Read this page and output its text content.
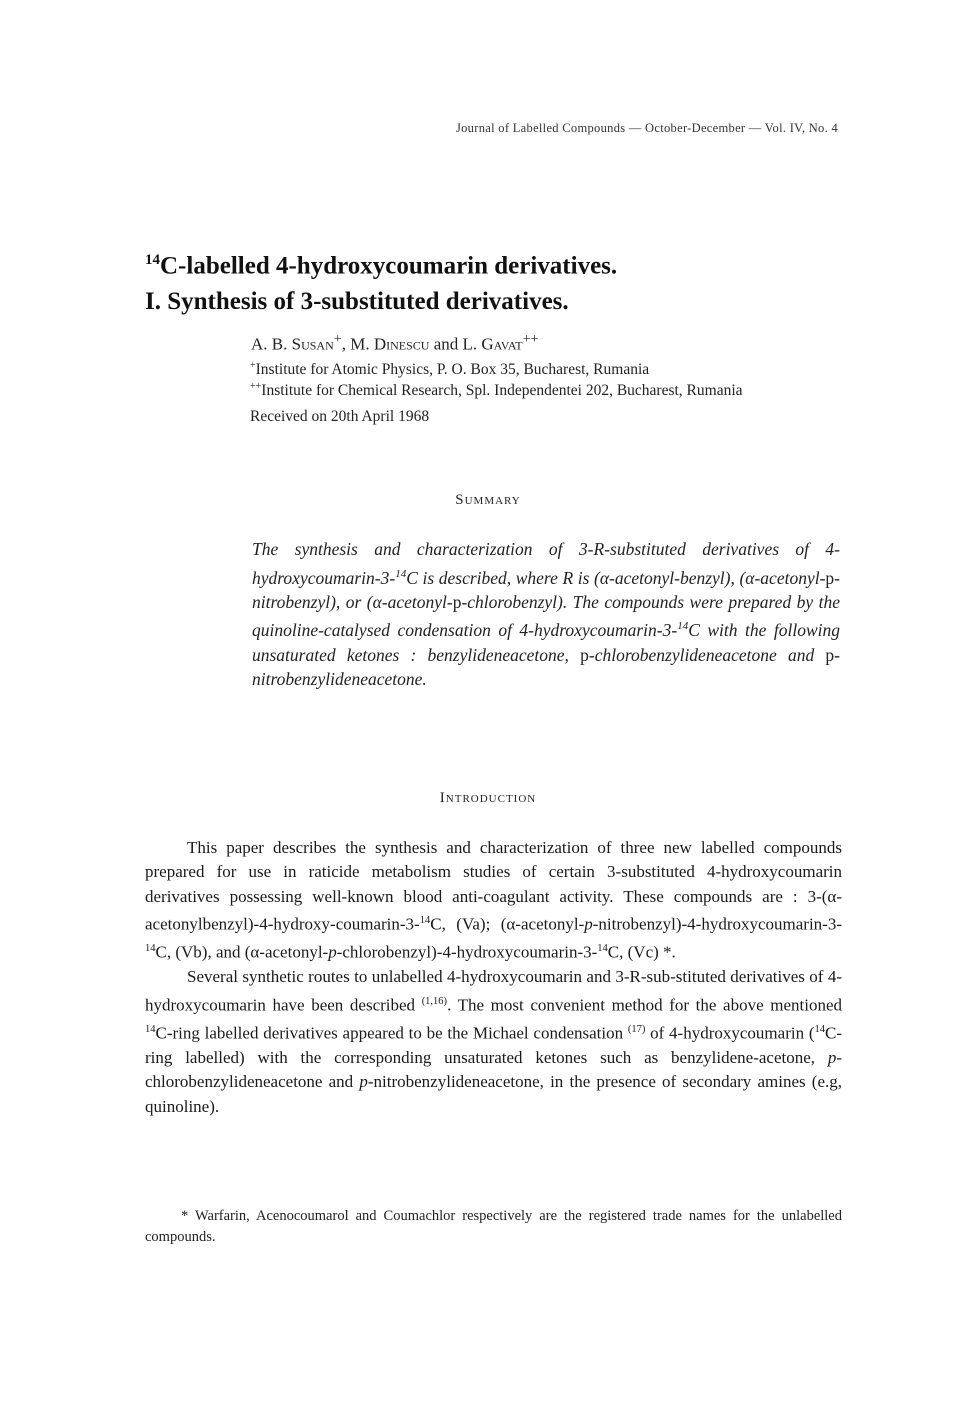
Journal of Labelled Compounds — October-December — Vol. IV, No. 4
$^{14}$C-labelled 4-hydroxycoumarin derivatives.
I. Synthesis of 3-substituted derivatives.
A. B. Susan+, M. Dinescu and L. Gavat++
+Institute for Atomic Physics, P. O. Box 35, Bucharest, Rumania
++Institute for Chemical Research, Spl. Independentei 202, Bucharest, Rumania
Received on 20th April 1968
Summary
The synthesis and characterization of 3-R-substituted derivatives of 4-hydroxycoumarin-3-$^{14}$C is described, where R is (α-acetonyl-benzyl), (α-acetonyl-p-nitrobenzyl), or (α-acetonyl-p-chlorobenzyl). The compounds were prepared by the quinoline-catalysed condensation of 4-hydroxycoumarin-3-$^{14}$C with the following unsaturated ketones : benzylideneacetone, p-chlorobenzylideneacetone and p-nitrobenzylideneacetone.
Introduction

This paper describes the synthesis and characterization of three new labelled compounds prepared for use in raticide metabolism studies of certain 3-substituted 4-hydroxycoumarin derivatives possessing well-known blood anti-coagulant activity. These compounds are : 3-(α-acetonylbenzyl)-4-hydroxy-coumarin-3-$^{14}$C, (Va); (α-acetonyl-p-nitrobenzyl)-4-hydroxycoumarin-3-$^{14}$C, (Vb), and (α-acetonyl-p-chlorobenzyl)-4-hydroxycoumarin-3-$^{14}$C, (Vc) *.

Several synthetic routes to unlabelled 4-hydroxycoumarin and 3-R-sub-stituted derivatives of 4-hydroxycoumarin have been described $^{(1,16)}$. The most convenient method for the above mentioned $^{14}$C-ring labelled derivatives appeared to be the Michael condensation $^{(17)}$ of 4-hydroxycoumarin ($^{14}$C-ring labelled) with the corresponding unsaturated ketones such as benzylidene-acetone, p-chlorobenzylideneacetone and p-nitrobenzylideneacetone, in the presence of secondary amines (e.g, quinoline).

* Warfarin, Acenocoumarol and Coumachlor respectively are the registered trade names for the unlabelled compounds.
